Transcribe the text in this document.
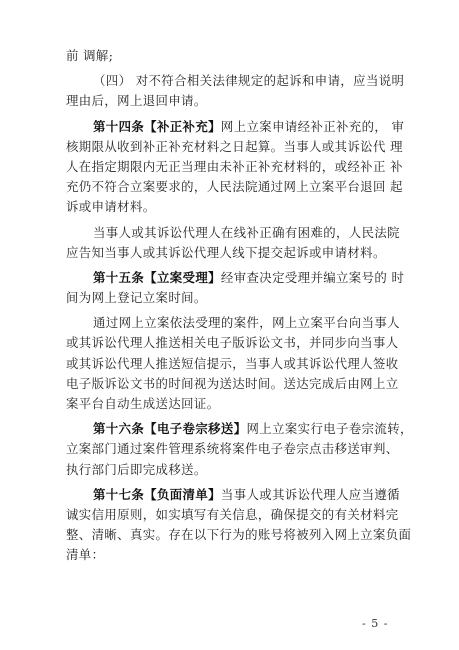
前 调解;
（四） 对不符合相关法律规定的起诉和申请，应当说明
理由后，网上退回申请。
第十四条【补正补充】网上立案申请经补正补充的， 审
核期限从收到补正补充材料之日起算。当事人或其诉讼代 理
人在指定期限内无正当理由未补正补充材料的，或经补正 补
充仍不符合立案要求的，人民法院通过网上立案平台退回 起
诉或申请材料。
当事人或其诉讼代理人在线补正确有困难的，人民法院
应告知当事人或其诉讼代理人线下提交起诉或申请材料。
第十五条【立案受理】经审查决定受理并编立案号的 时
间为网上登记立案时间。
通过网上立案依法受理的案件，网上立案平台向当事人
或其诉讼代理人推送相关电子版诉讼文书，并同步向当事人
或其诉讼代理人推送短信提示，当事人或其诉讼代理人签收
电子版诉讼文书的时间视为送达时间。送达完成后由网上立
案平台自动生成送达回证。
第十六条【电子卷宗移送】网上立案实行电子卷宗流转，
立案部门通过案件管理系统将案件电子卷宗点击移送审判、
执行部门后即完成移送。
第十七条【负面清单】当事人或其诉讼代理人应当遵循
诚实信用原则，如实填写有关信息，确保提交的有关材料完
整、清晰、真实。存在以下行为的账号将被列入网上立案负面
清单：
- 5 -
